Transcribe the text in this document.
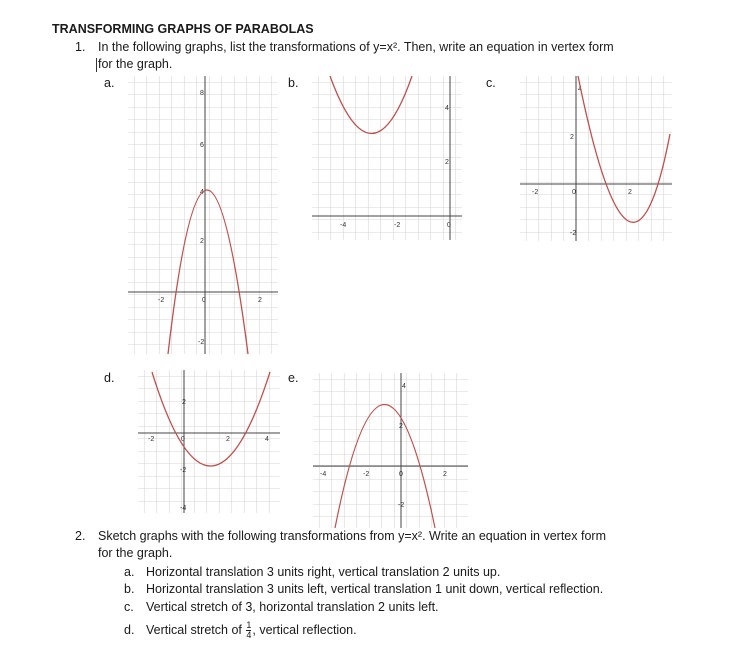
TRANSFORMING GRAPHS OF PARABOLAS
1. In the following graphs, list the transformations of y=x². Then, write an equation in vertex form
for the graph.
a.	b.	c.
d.	e.
-2	0	2
8
6
4
2
-2
-4	-2	0
4
2
-2	0	2
4
2
-2
-2	0	2	4
2
-2
-4
-4	-2	0	2
4
2
-2
2. Sketch graphs with the following transformations from y=x². Write an equation in vertex form
for the graph.
a. Horizontal translation 3 units right, vertical translation 2 units up.
b. Horizontal translation 3 units left, vertical translation 1 unit down, vertical reflection.
c. Vertical stretch of 3, horizontal translation 2 units left.
d. Vertical stretch of $\frac{1}{4}$ , vertical reflection.
